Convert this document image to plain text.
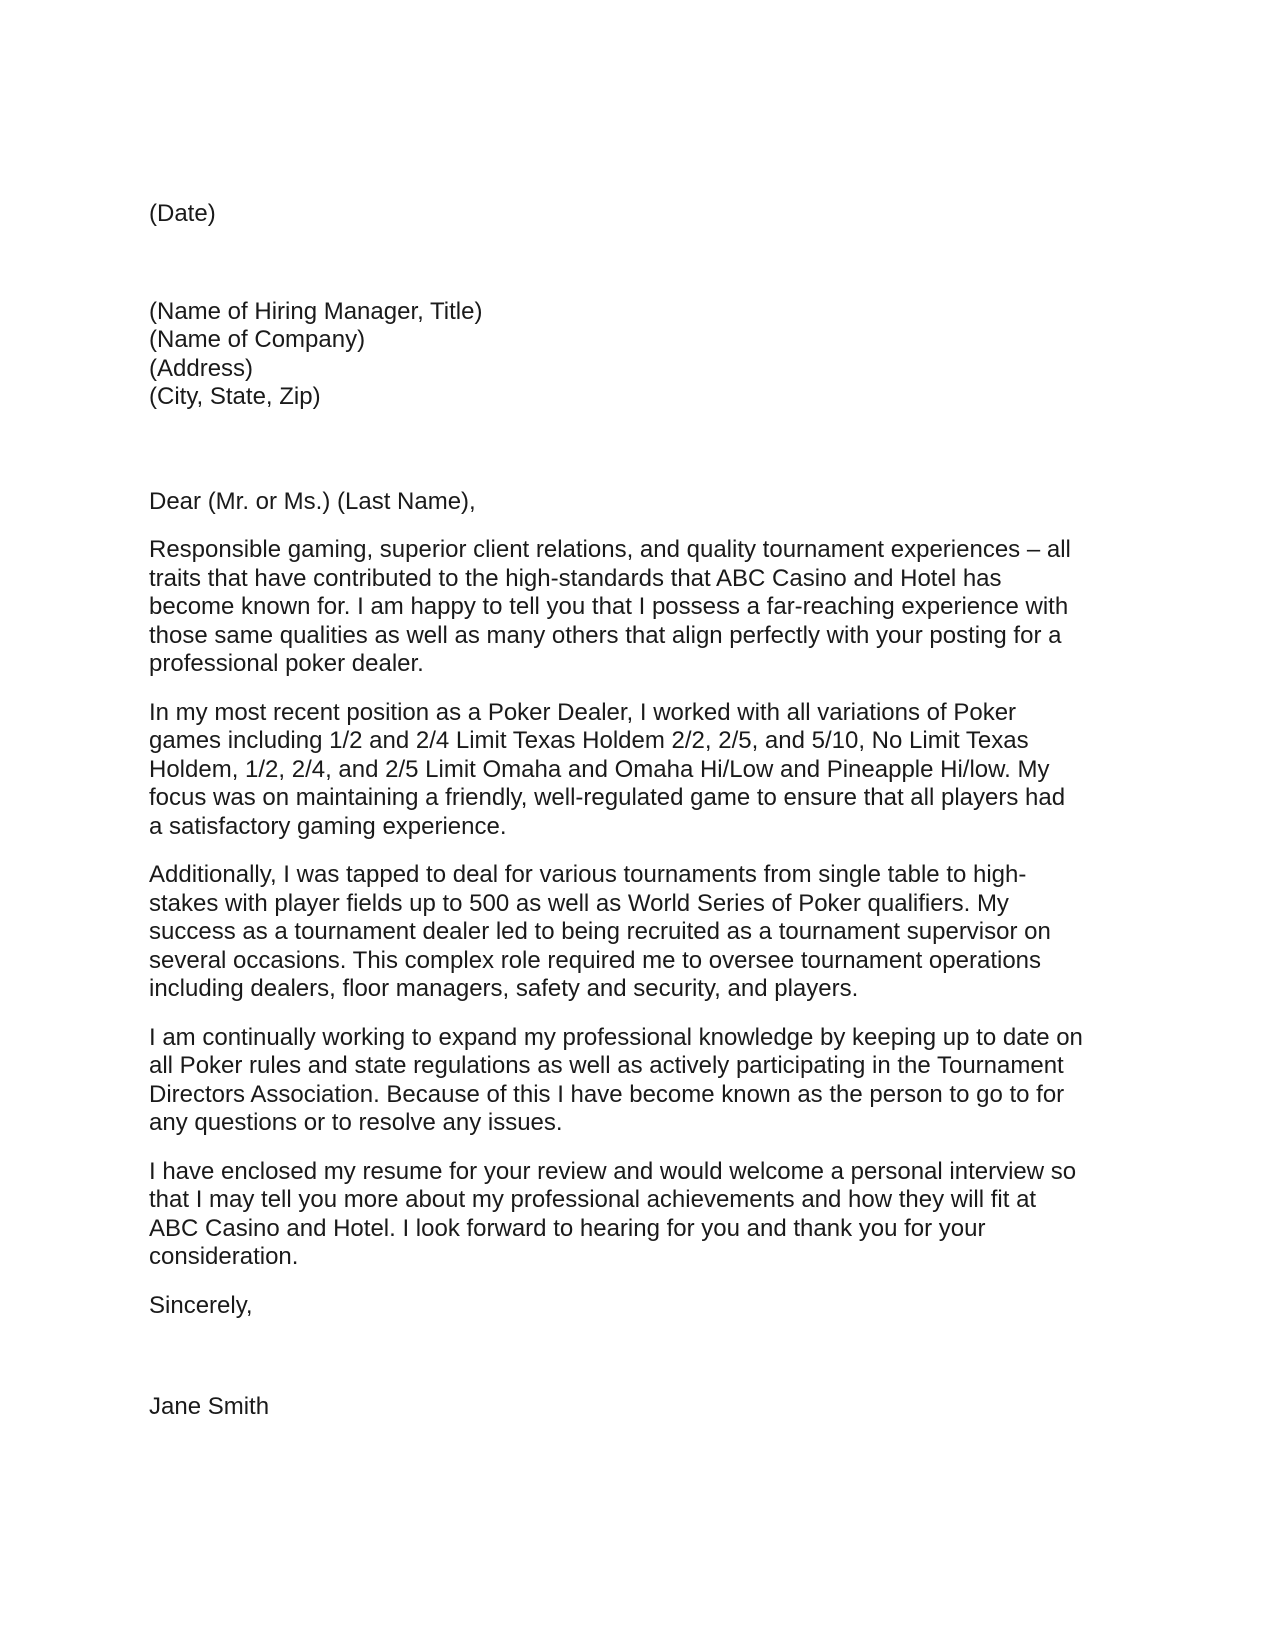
(Date)
(Name of Hiring Manager, Title)
(Name of Company)
(Address)
(City, State, Zip)
Dear (Mr. or Ms.) (Last Name),
Responsible gaming, superior client relations, and quality tournament experiences – all
traits that have contributed to the high-standards that ABC Casino and Hotel has
become known for. I am happy to tell you that I possess a far-reaching experience with
those same qualities as well as many others that align perfectly with your posting for a
professional poker dealer.
In my most recent position as a Poker Dealer, I worked with all variations of Poker
games including 1/2 and 2/4 Limit Texas Holdem 2/2, 2/5, and 5/10, No Limit Texas
Holdem, 1/2, 2/4, and 2/5 Limit Omaha and Omaha Hi/Low and Pineapple Hi/low. My
focus was on maintaining a friendly, well-regulated game to ensure that all players had
a satisfactory gaming experience.
Additionally, I was tapped to deal for various tournaments from single table to high-
stakes with player fields up to 500 as well as World Series of Poker qualifiers. My
success as a tournament dealer led to being recruited as a tournament supervisor on
several occasions. This complex role required me to oversee tournament operations
including dealers, floor managers, safety and security, and players.
I am continually working to expand my professional knowledge by keeping up to date on
all Poker rules and state regulations as well as actively participating in the Tournament
Directors Association. Because of this I have become known as the person to go to for
any questions or to resolve any issues.
I have enclosed my resume for your review and would welcome a personal interview so
that I may tell you more about my professional achievements and how they will fit at
ABC Casino and Hotel. I look forward to hearing for you and thank you for your
consideration.
Sincerely,
Jane Smith
